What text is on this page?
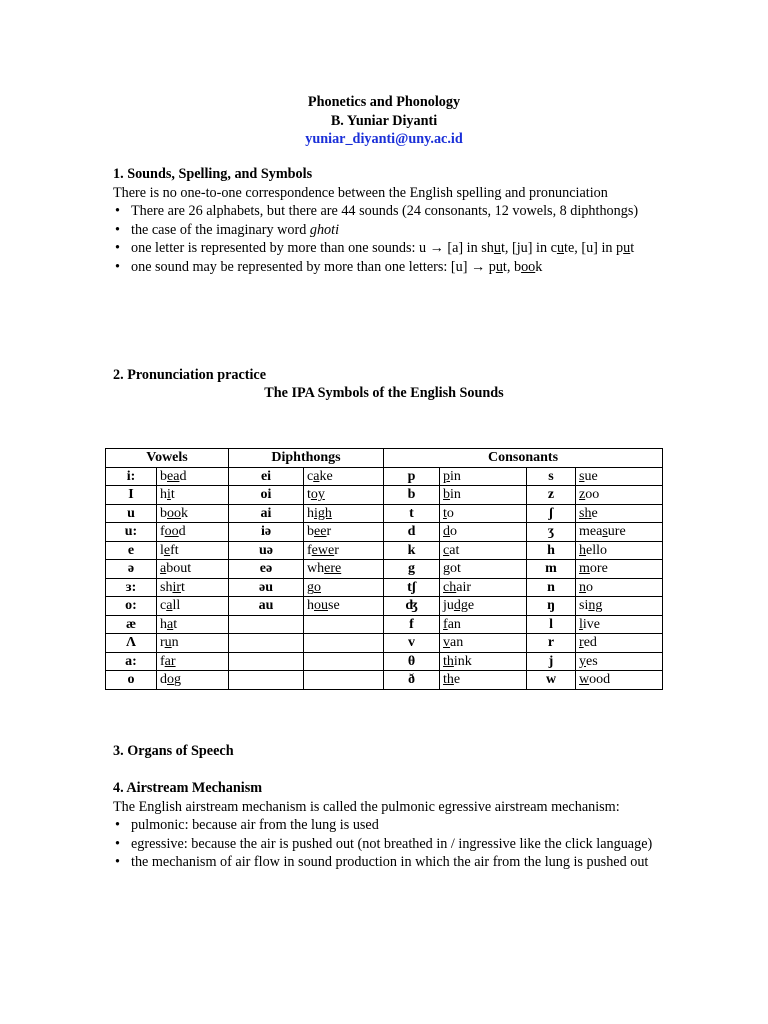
Phonetics and Phonology
B. Yuniar Diyanti
yuniar_diyanti@uny.ac.id
1. Sounds, Spelling, and Symbols
There is no one-to-one correspondence between the English spelling and pronunciation
• There are 26 alphabets, but there are 44 sounds (24 consonants, 12 vowels, 8 diphthongs)
• the case of the imaginary word ghoti
• one letter is represented by more than one sounds: u → [a] in shut, [ju] in cute, [u] in put
• one sound may be represented by more than one letters: [u] → put, book
2. Pronunciation practice
The IPA Symbols of the English Sounds
Vowels		Diphthongs		Consonants			
i:	bead	ei	cake	p	pin	s	sue
I	hit	oi	toy	b	bin	z	zoo
u	book	ai	high	t	to	ʃ	she
u:	food	iə	beer	d	do	ʒ	measure
e	left	uə	fewer	k	cat	h	hello
ə	about	eə	where	g	got	m	more
ɜ:	shirt	əu	go	tʃ	chair	n	no
o:	call	au	house	ʤ	judge	ŋ	sing
æ	hat			f	fan	l	live
Λ	run			v	van	r	red
a:	far			θ	think	j	yes
o	dog			ð	the	w	wood
3. Organs of Speech
4. Airstream Mechanism
The English airstream mechanism is called the pulmonic egressive airstream mechanism:
• pulmonic: because air from the lung is used
• egressive: because the air is pushed out (not breathed in / ingressive like the click language)
• the mechanism of air flow in sound production in which the air from the lung is pushed out
